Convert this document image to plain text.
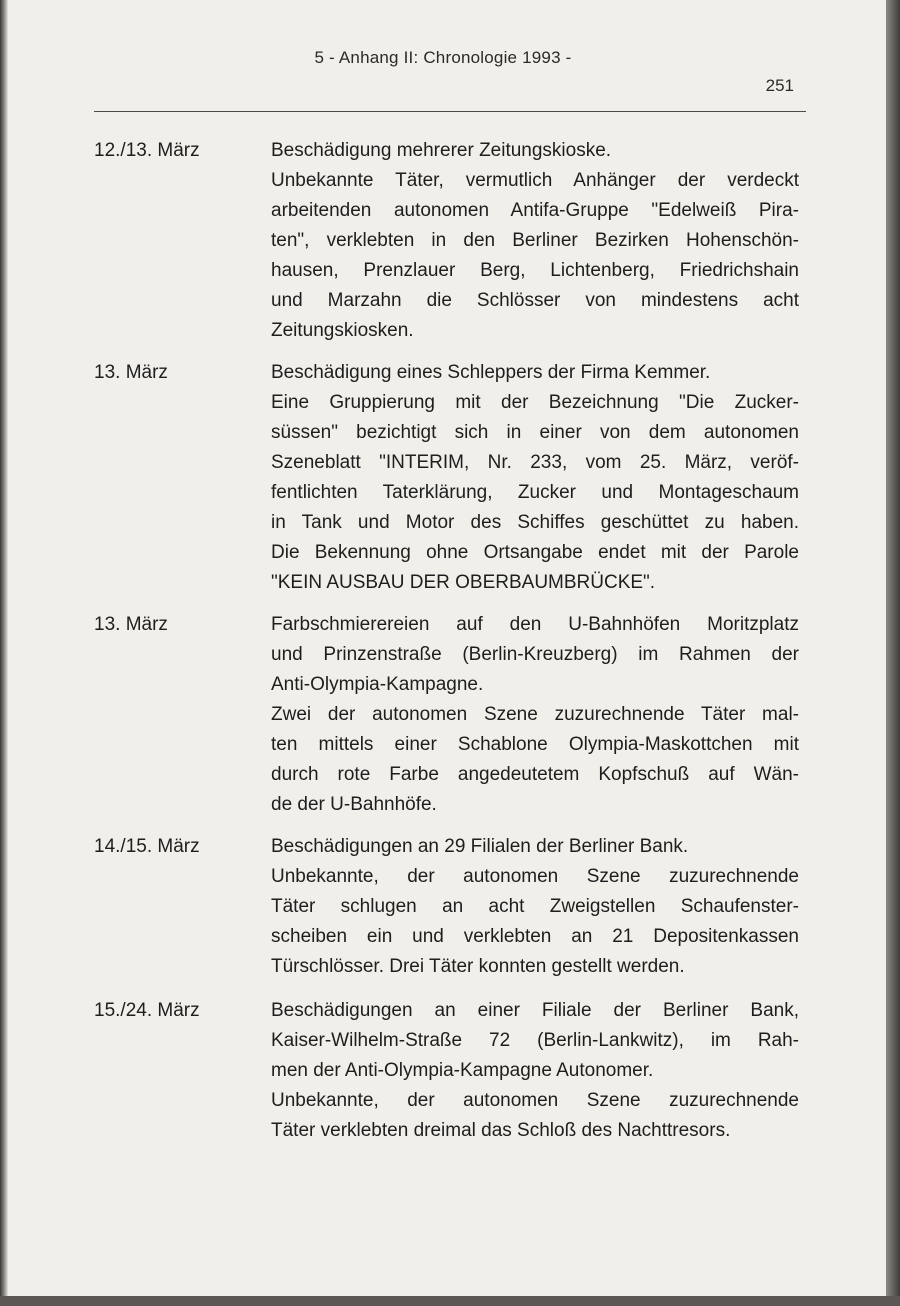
5 - Anhang II: Chronologie 1993 -
251
12./13. März	Beschädigung mehrerer Zeitungskioske.
Unbekannte Täter, vermutlich Anhänger der verdeckt
arbeitenden autonomen Antifa-Gruppe "Edelweiß Pira-
ten", verklebten in den Berliner Bezirken Hohenschön-
hausen, Prenzlauer Berg, Lichtenberg, Friedrichshain
und Marzahn die Schlösser von mindestens acht
Zeitungskiosken.
13. März	Beschädigung eines Schleppers der Firma Kemmer.
Eine Gruppierung mit der Bezeichnung "Die Zucker-
süssen" bezichtigt sich in einer von dem autonomen
Szeneblatt "INTERIM, Nr. 233, vom 25. März, veröf-
fentlichten Taterklärung, Zucker und Montageschaum
in Tank und Motor des Schiffes geschüttet zu haben.
Die Bekennung ohne Ortsangabe endet mit der Parole
"KEIN AUSBAU DER OBERBAUMBRÜCKE".
13. März	Farbschmierereien auf den U-Bahnhöfen Moritzplatz
und Prinzenstraße (Berlin-Kreuzberg) im Rahmen der
Anti-Olympia-Kampagne.
Zwei der autonomen Szene zuzurechnende Täter mal-
ten mittels einer Schablone Olympia-Maskottchen mit
durch rote Farbe angedeutetem Kopfschuß auf Wän-
de der U-Bahnhöfe.
14./15. März	Beschädigungen an 29 Filialen der Berliner Bank.
Unbekannte, der autonomen Szene zuzurechnende
Täter schlugen an acht Zweigstellen Schaufenster-
scheiben ein und verklebten an 21 Depositenkassen
Türschlösser. Drei Täter konnten gestellt werden.
15./24. März	Beschädigungen an einer Filiale der Berliner Bank,
Kaiser-Wilhelm-Straße 72 (Berlin-Lankwitz), im Rah-
men der Anti-Olympia-Kampagne Autonomer.
Unbekannte, der autonomen Szene zuzurechnende
Täter verklebten dreimal das Schloß des Nachttresors.
